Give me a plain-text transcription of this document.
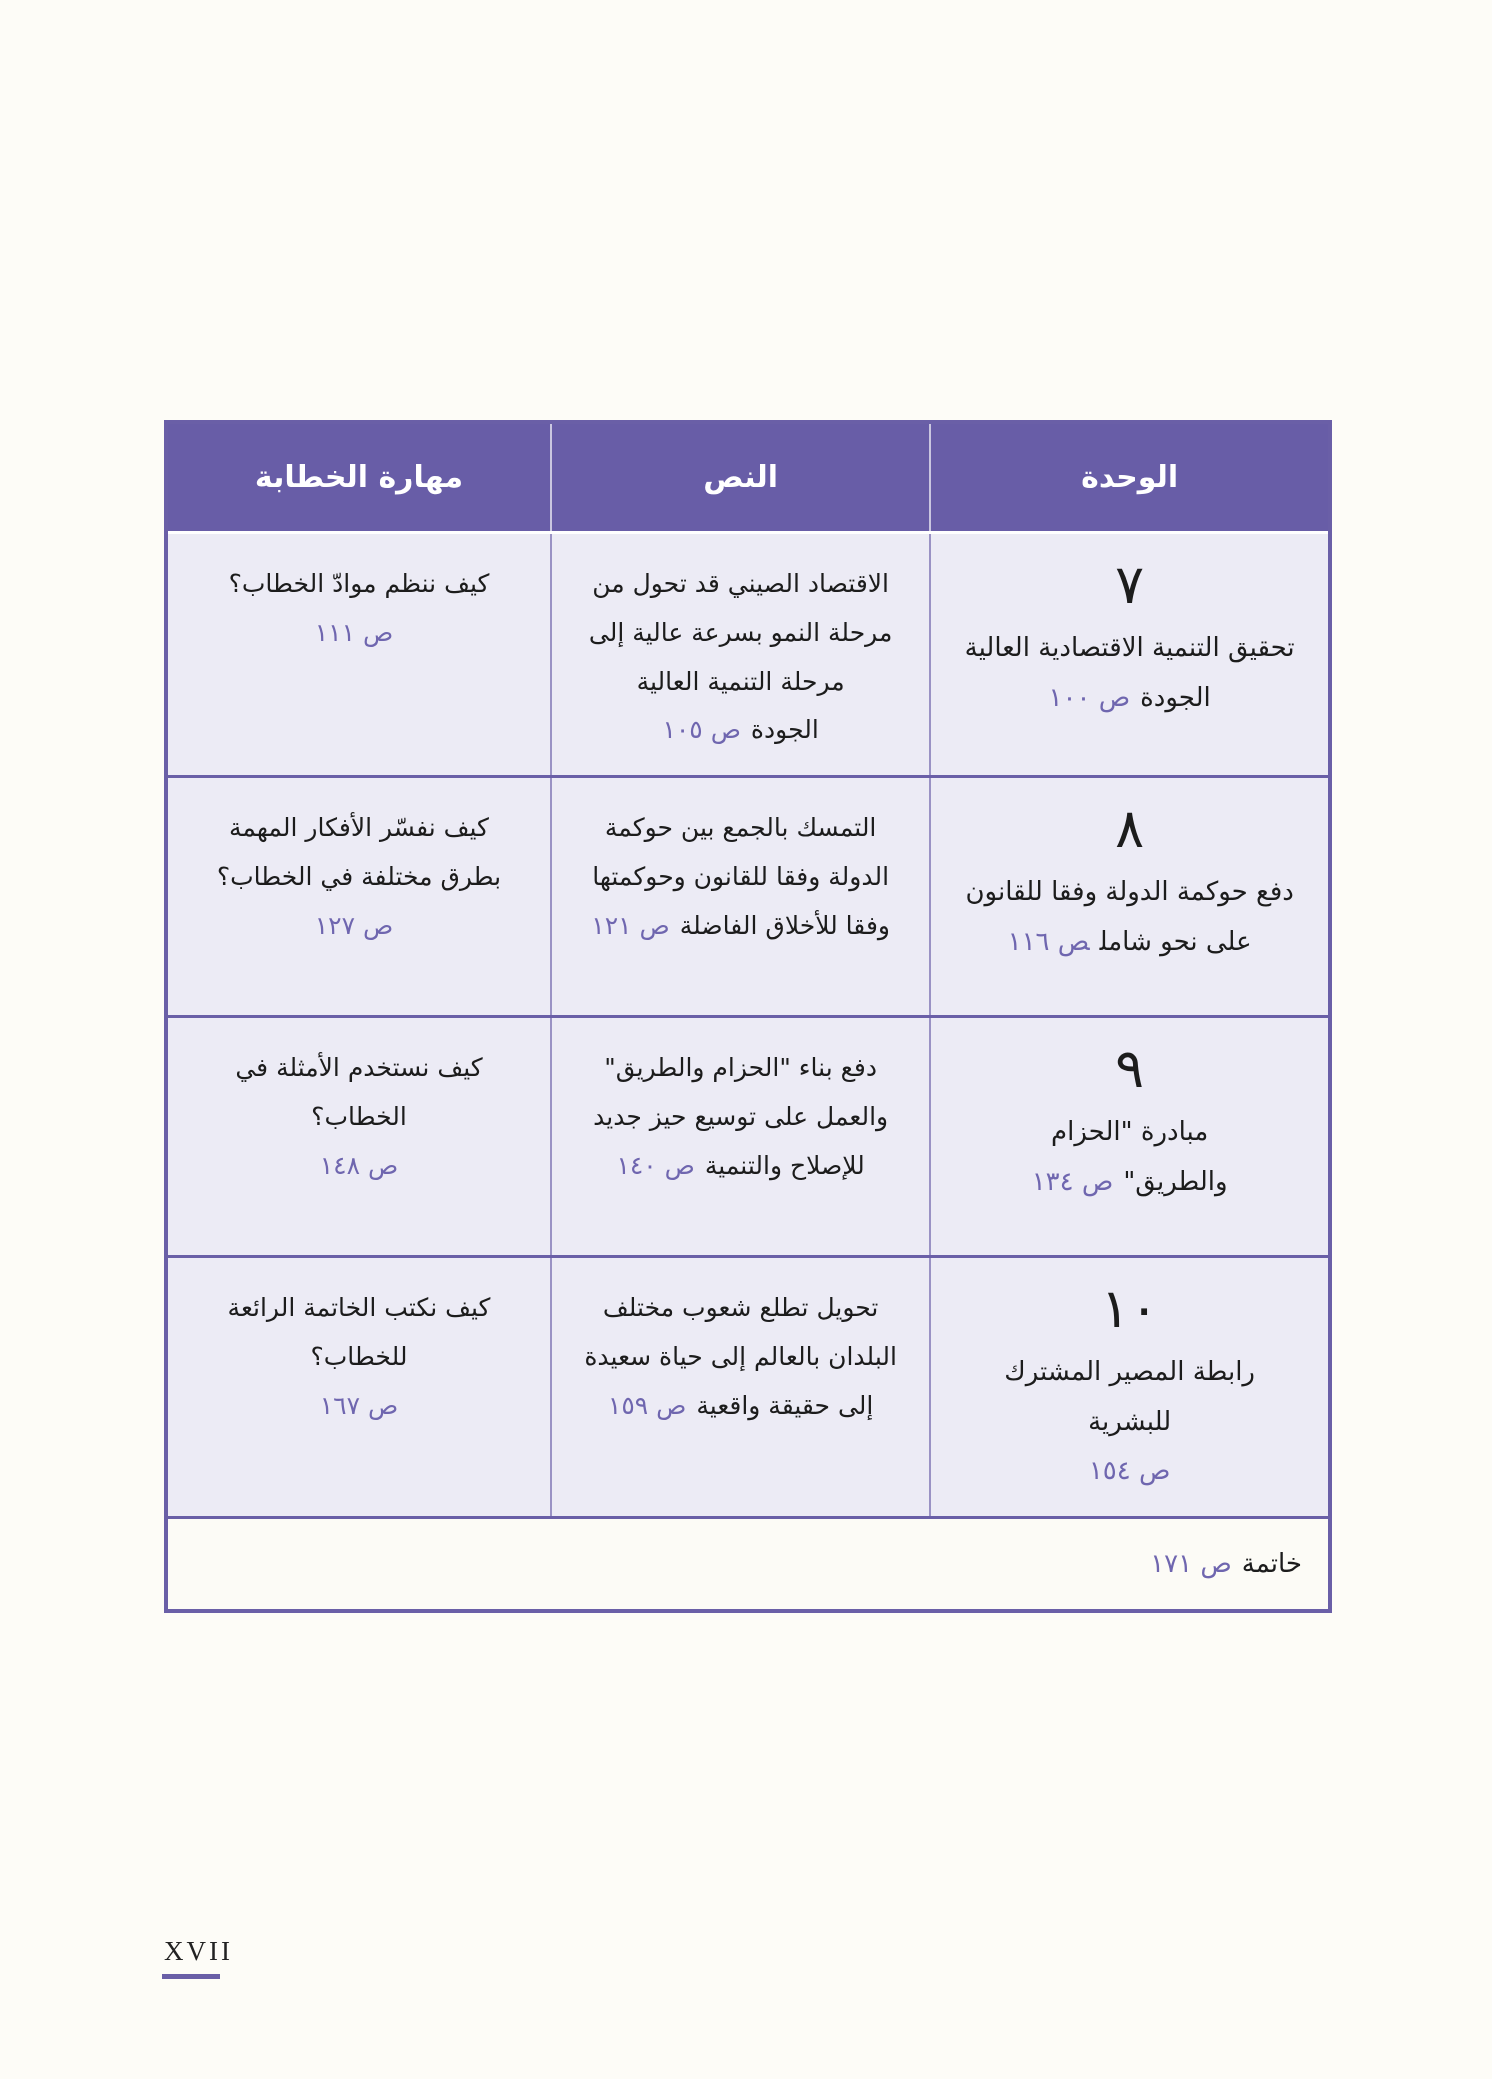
الوحدة
النص
مهارة الخطابة
٧
تحقيق التنمية الاقتصادية العالية الجودةص ١٠٠
الاقتصاد الصيني قد تحول من مرحلة النمو بسرعة عالية إلى مرحلة التنمية العالية الجودةص ١٠٥
كيف ننظم موادّ الخطاب؟ص ١١١
٨
دفع حوكمة الدولة وفقا للقانون على نحو شاملص ١١٦
التمسك بالجمع بين حوكمة الدولة وفقا للقانون وحوكمتها وفقا للأخلاق الفاضلةص ١٢١
كيف نفسّر الأفكار المهمة بطرق مختلفة في الخطاب؟ص ١٢٧
٩
مبادرة "الحزام والطريق"ص ١٣٤
دفع بناء "الحزام والطريق" والعمل على توسيع حيز جديد للإصلاح والتنميةص ١٤٠
كيف نستخدم الأمثلة في الخطاب؟
ص ١٤٨
١٠
رابطة المصير المشترك للبشرية
ص ١٥٤
تحويل تطلع شعوب مختلف البلدان بالعالم إلى حياة سعيدة إلى حقيقة واقعيةص ١٥٩
كيف نكتب الخاتمة الرائعة للخطاب؟
ص ١٦٧
خاتمة
ص ١٧١
XVII
